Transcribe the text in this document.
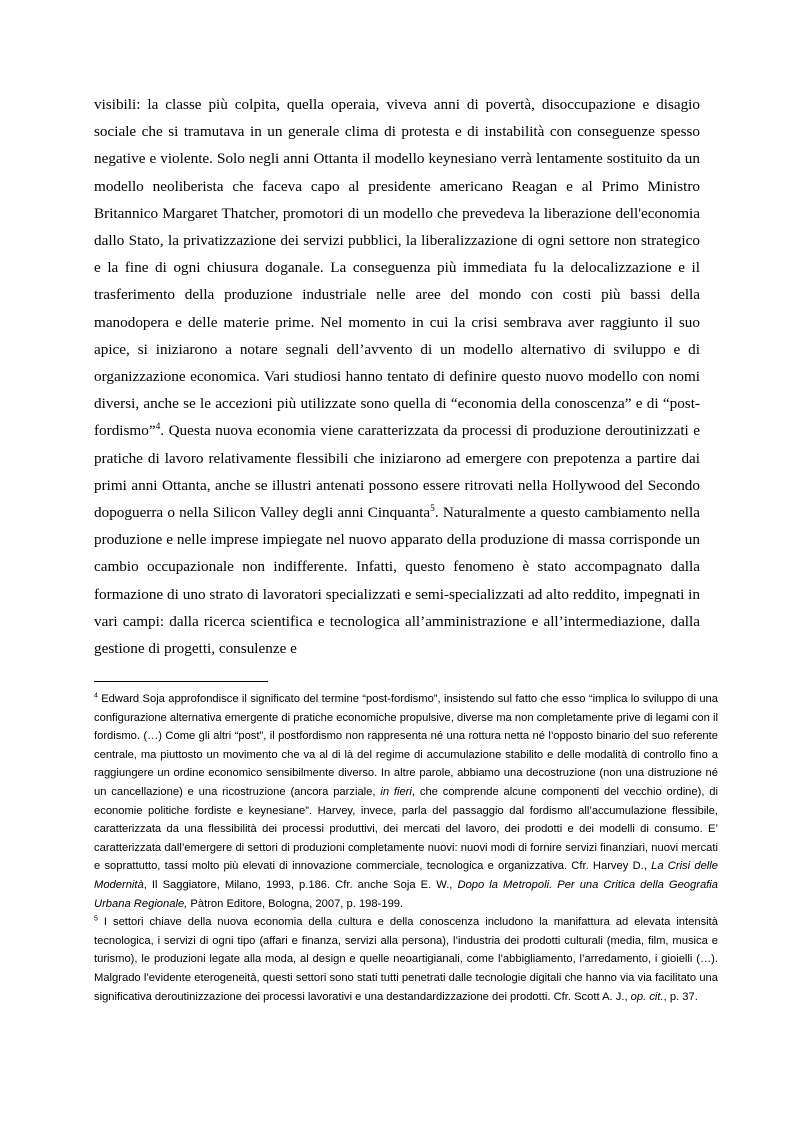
visibili: la classe più colpita, quella operaia, viveva anni di povertà, disoccupazione e disagio sociale che si tramutava in un generale clima di protesta e di instabilità con conseguenze spesso negative e violente. Solo negli anni Ottanta il modello keynesiano verrà lentamente sostituito da un modello neoliberista che faceva capo al presidente americano Reagan e al Primo Ministro Britannico Margaret Thatcher, promotori di un modello che prevedeva la liberazione dell'economia dallo Stato, la privatizzazione dei servizi pubblici, la liberalizzazione di ogni settore non strategico e la fine di ogni chiusura doganale. La conseguenza più immediata fu la delocalizzazione e il trasferimento della produzione industriale nelle aree del mondo con costi più bassi della manodopera e delle materie prime. Nel momento in cui la crisi sembrava aver raggiunto il suo apice, si iniziarono a notare segnali dell’avvento di un modello alternativo di sviluppo e di organizzazione economica. Vari studiosi hanno tentato di definire questo nuovo modello con nomi diversi, anche se le accezioni più utilizzate sono quella di “economia della conoscenza” e di “post-fordismo”$^4$. Questa nuova economia viene caratterizzata da processi di produzione deroutinizzati e pratiche di lavoro relativamente flessibili che iniziarono ad emergere con prepotenza a partire dai primi anni Ottanta, anche se illustri antenati possono essere ritrovati nella Hollywood del Secondo dopoguerra o nella Silicon Valley degli anni Cinquanta$^5$. Naturalmente a questo cambiamento nella produzione e nelle imprese impiegate nel nuovo apparato della produzione di massa corrisponde un cambio occupazionale non indifferente. Infatti, questo fenomeno è stato accompagnato dalla formazione di uno strato di lavoratori specializzati e semi-specializzati ad alto reddito, impegnati in vari campi: dalla ricerca scientifica e tecnologica all’amministrazione e all’intermediazione, dalla gestione di progetti, consulenze e

$^4$ Edward Soja approfondisce il significato del termine “post-fordismo”, insistendo sul fatto che esso “implica lo sviluppo di una configurazione alternativa emergente di pratiche economiche propulsive, diverse ma non completamente prive di legami con il fordismo. (…) Come gli altri “post”, il postfordismo non rappresenta né una rottura netta né l’opposto binario del suo referente centrale, ma piuttosto un movimento che va al di là del regime di accumulazione stabilito e delle modalità di controllo fino a raggiungere un ordine economico sensibilmente diverso. In altre parole, abbiamo una decostruzione (non una distruzione né un cancellazione) e una ricostruzione (ancora parziale, in fieri, che comprende alcune componenti del vecchio ordine), di economie politiche fordiste e keynesiane”. Harvey, invece, parla del passaggio dal fordismo all’accumulazione flessibile, caratterizzata da una flessibilità dei processi produttivi, dei mercati del lavoro, dei prodotti e dei modelli di consumo. E’ caratterizzata dall’emergere di settori di produzioni completamente nuovi: nuovi modi di fornire servizi finanziari, nuovi mercati e soprattutto, tassi molto più elevati di innovazione commerciale, tecnologica e organizzativa. Cfr. Harvey D., La Crisi delle Modernità, Il Saggiatore, Milano, 1993, p.186. Cfr. anche Soja E. W., Dopo la Metropoli. Per una Critica della Geografia Urbana Regionale, Pàtron Editore, Bologna, 2007, p. 198-199.

$^5$ I settori chiave della nuova economia della cultura e della conoscenza includono la manifattura ad elevata intensità tecnologica, i servizi di ogni tipo (affari e finanza, servizi alla persona), l’industria dei prodotti culturali (media, film, musica e turismo), le produzioni legate alla moda, al design e quelle neoartigianali, come l’abbigliamento, l’arredamento, i gioielli (…). Malgrado l’evidente eterogeneità, questi settori sono stati tutti penetrati dalle tecnologie digitali che hanno via via facilitato una significativa deroutinizzazione dei processi lavorativi e una destandardizzazione dei prodotti. Cfr. Scott A. J., op. cit., p. 37.
